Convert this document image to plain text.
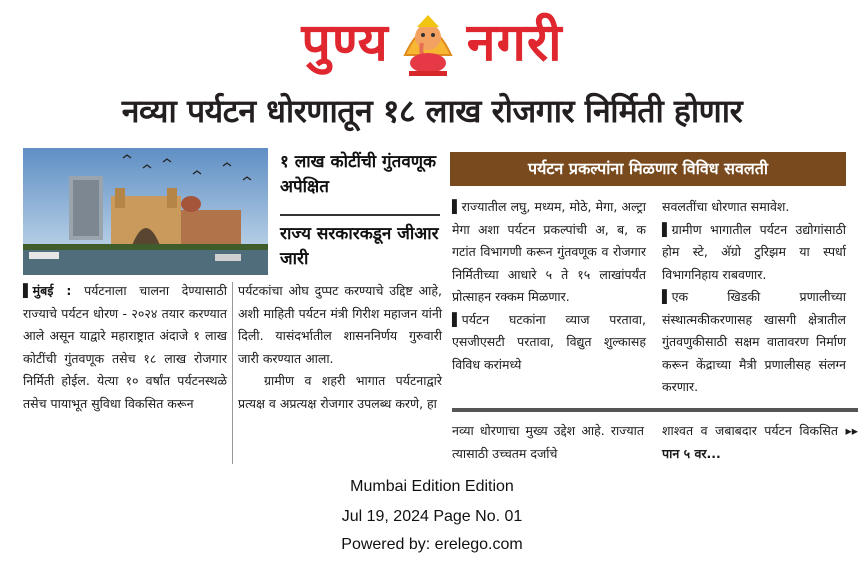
पुण्य नगरी
नव्या पर्यटन धोरणातून १८ लाख रोजगार निर्मिती होणार
१ लाख कोटींची गुंतवणूक अपेक्षित
राज्य सरकारकडून जीआर जारी
पर्यटन प्रकल्पांना मिळणार विविध सवलती
▌मुंबई : पर्यटनाला चालना देण्यासाठी राज्याचे पर्यटन धोरण - २०२४ तयार करण्यात आले असून याद्वारे महाराष्ट्रात अंदाजे १ लाख कोटींची गुंतवणूक तसेच १८ लाख रोजगार निर्मिती होईल. येत्या १० वर्षांत पर्यटनस्थळे तसेच पायाभूत सुविधा विकसित करून
पर्यटकांचा ओघ दुप्पट करण्याचे उद्दिष्ट आहे, अशी माहिती पर्यटन मंत्री गिरीश महाजन यांनी दिली. यासंदर्भातील शासननिर्णय गुरुवारी जारी करण्यात आला.
ग्रामीण व शहरी भागात पर्यटनाद्वारे प्रत्यक्ष व अप्रत्यक्ष रोजगार उपलब्ध करणे, हा
▌राज्यातील लघु, मध्यम, मोठे, मेगा, अल्ट्रा मेगा अशा पर्यटन प्रकल्पांची अ, ब, क गटांत विभागणी करून गुंतवणूक व रोजगार निर्मितीच्या आधारे ५ ते १५ लाखांपर्यंत प्रोत्साहन रक्कम मिळणार.
▌पर्यटन घटकांना व्याज परतावा, एसजीएसटी परतावा, विद्युत शुल्कासह विविध करांमध्ये
सवलतींचा धोरणात समावेश.
▌ग्रामीण भागातील पर्यटन उद्योगांसाठी होम स्टे, अ‍ॅग्रो टुरिझम या स्पर्धा विभागनिहाय राबवणार.
▌एक खिडकी प्रणालीच्या संस्थात्मकीकरणासह खासगी क्षेत्रातील गुंतवणुकीसाठी सक्षम वातावरण निर्माण करून केंद्राच्या मैत्री प्रणालीसह संलग्न करणार.
नव्या धोरणाचा मुख्य उद्देश आहे. राज्यात त्यासाठी उच्चतम दर्जाचे
शाश्वत व जबाबदार पर्यटन विकसित ▸▸ पान ५ वर...
Mumbai Edition Edition
Jul 19, 2024 Page No. 01
Powered by: erelego.com
